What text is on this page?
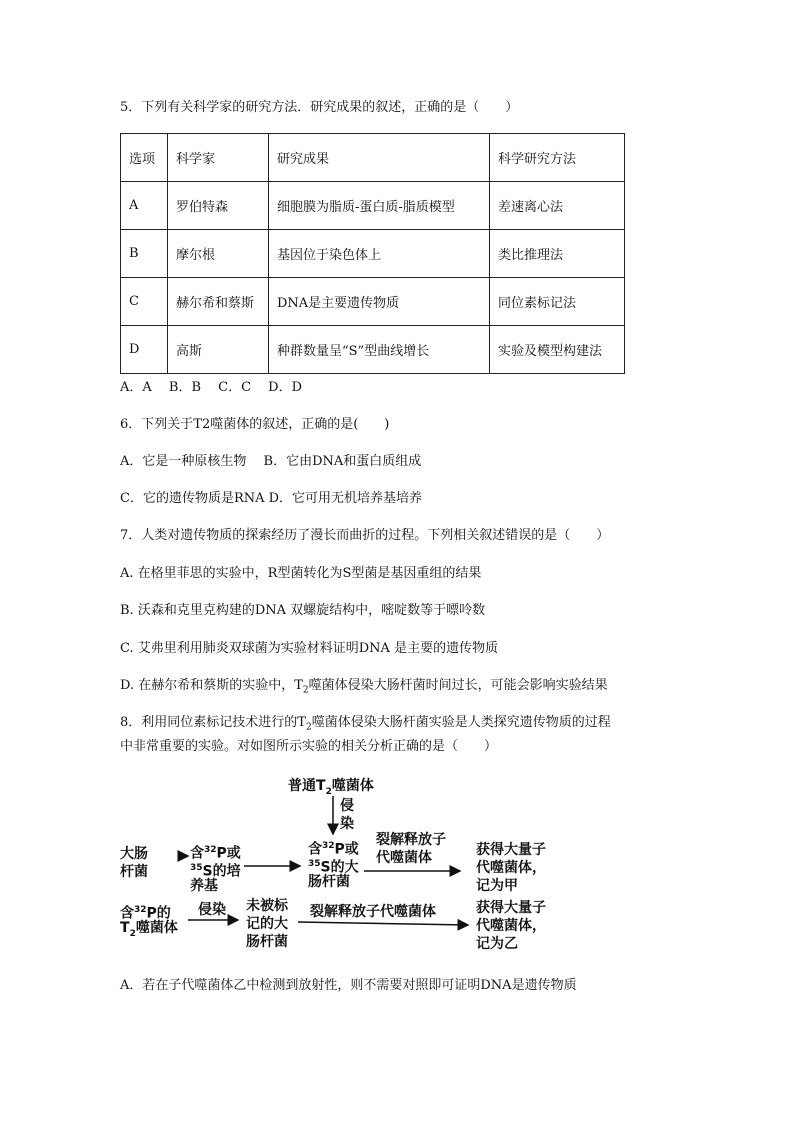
5．下列有关科学家的研究方法．研究成果的叙述，正确的是（　　）
选项	科学家	研究成果	科学研究方法
A	罗伯特森	细胞膜为脂质-蛋白质-脂质模型	差速离心法
B	摩尔根	基因位于染色体上	类比推理法
C	赫尔希和蔡斯	DNA是主要遗传物质	同位素标记法
D	高斯	种群数量呈“S”型曲线增长	实验及模型构建法
A．A　 B．B　 C．C　 D．D
6．下列关于T2噬菌体的叙述，正确的是(　　)
A．它是一种原核生物　 B．它由DNA和蛋白质组成
C．它的遗传物质是RNA D．它可用无机培养基培养
7．人类对遗传物质的探索经历了漫长而曲折的过程。下列相关叙述错误的是（　　）
A. 在格里菲思的实验中，R型菌转化为S型菌是基因重组的结果
B. 沃森和克里克构建的DNA 双螺旋结构中，嘧啶数等于嘌呤数
C. 艾弗里利用肺炎双球菌为实验材料证明DNA 是主要的遗传物质
D. 在赫尔希和蔡斯的实验中，$T_2$噬菌体侵染大肠杆菌时间过长，可能会影响实验结果
8．利用同位素标记技术进行的$T_2$噬菌体侵染大肠杆菌实验是人类探究遗传物质的过程
中非常重要的实验。对如图所示实验的相关分析正确的是（　　）
普通$T_2$噬菌体
侵
染
大肠
杆菌
含$^{32}$P或
$^{35}$S的培
养基
含$^{32}$P或
$^{35}$S的大
肠杆菌
裂解释放子
代噬菌体	获得大量子
代噬菌体，
记为甲
含$^{32}$P的
$T_2$噬菌体
侵染 未被标
记的大
肠杆菌
裂解释放子代噬菌体	获得大量子
代噬菌体，
记为乙
A．若在子代噬菌体乙中检测到放射性，则不需要对照即可证明DNA是遗传物质
